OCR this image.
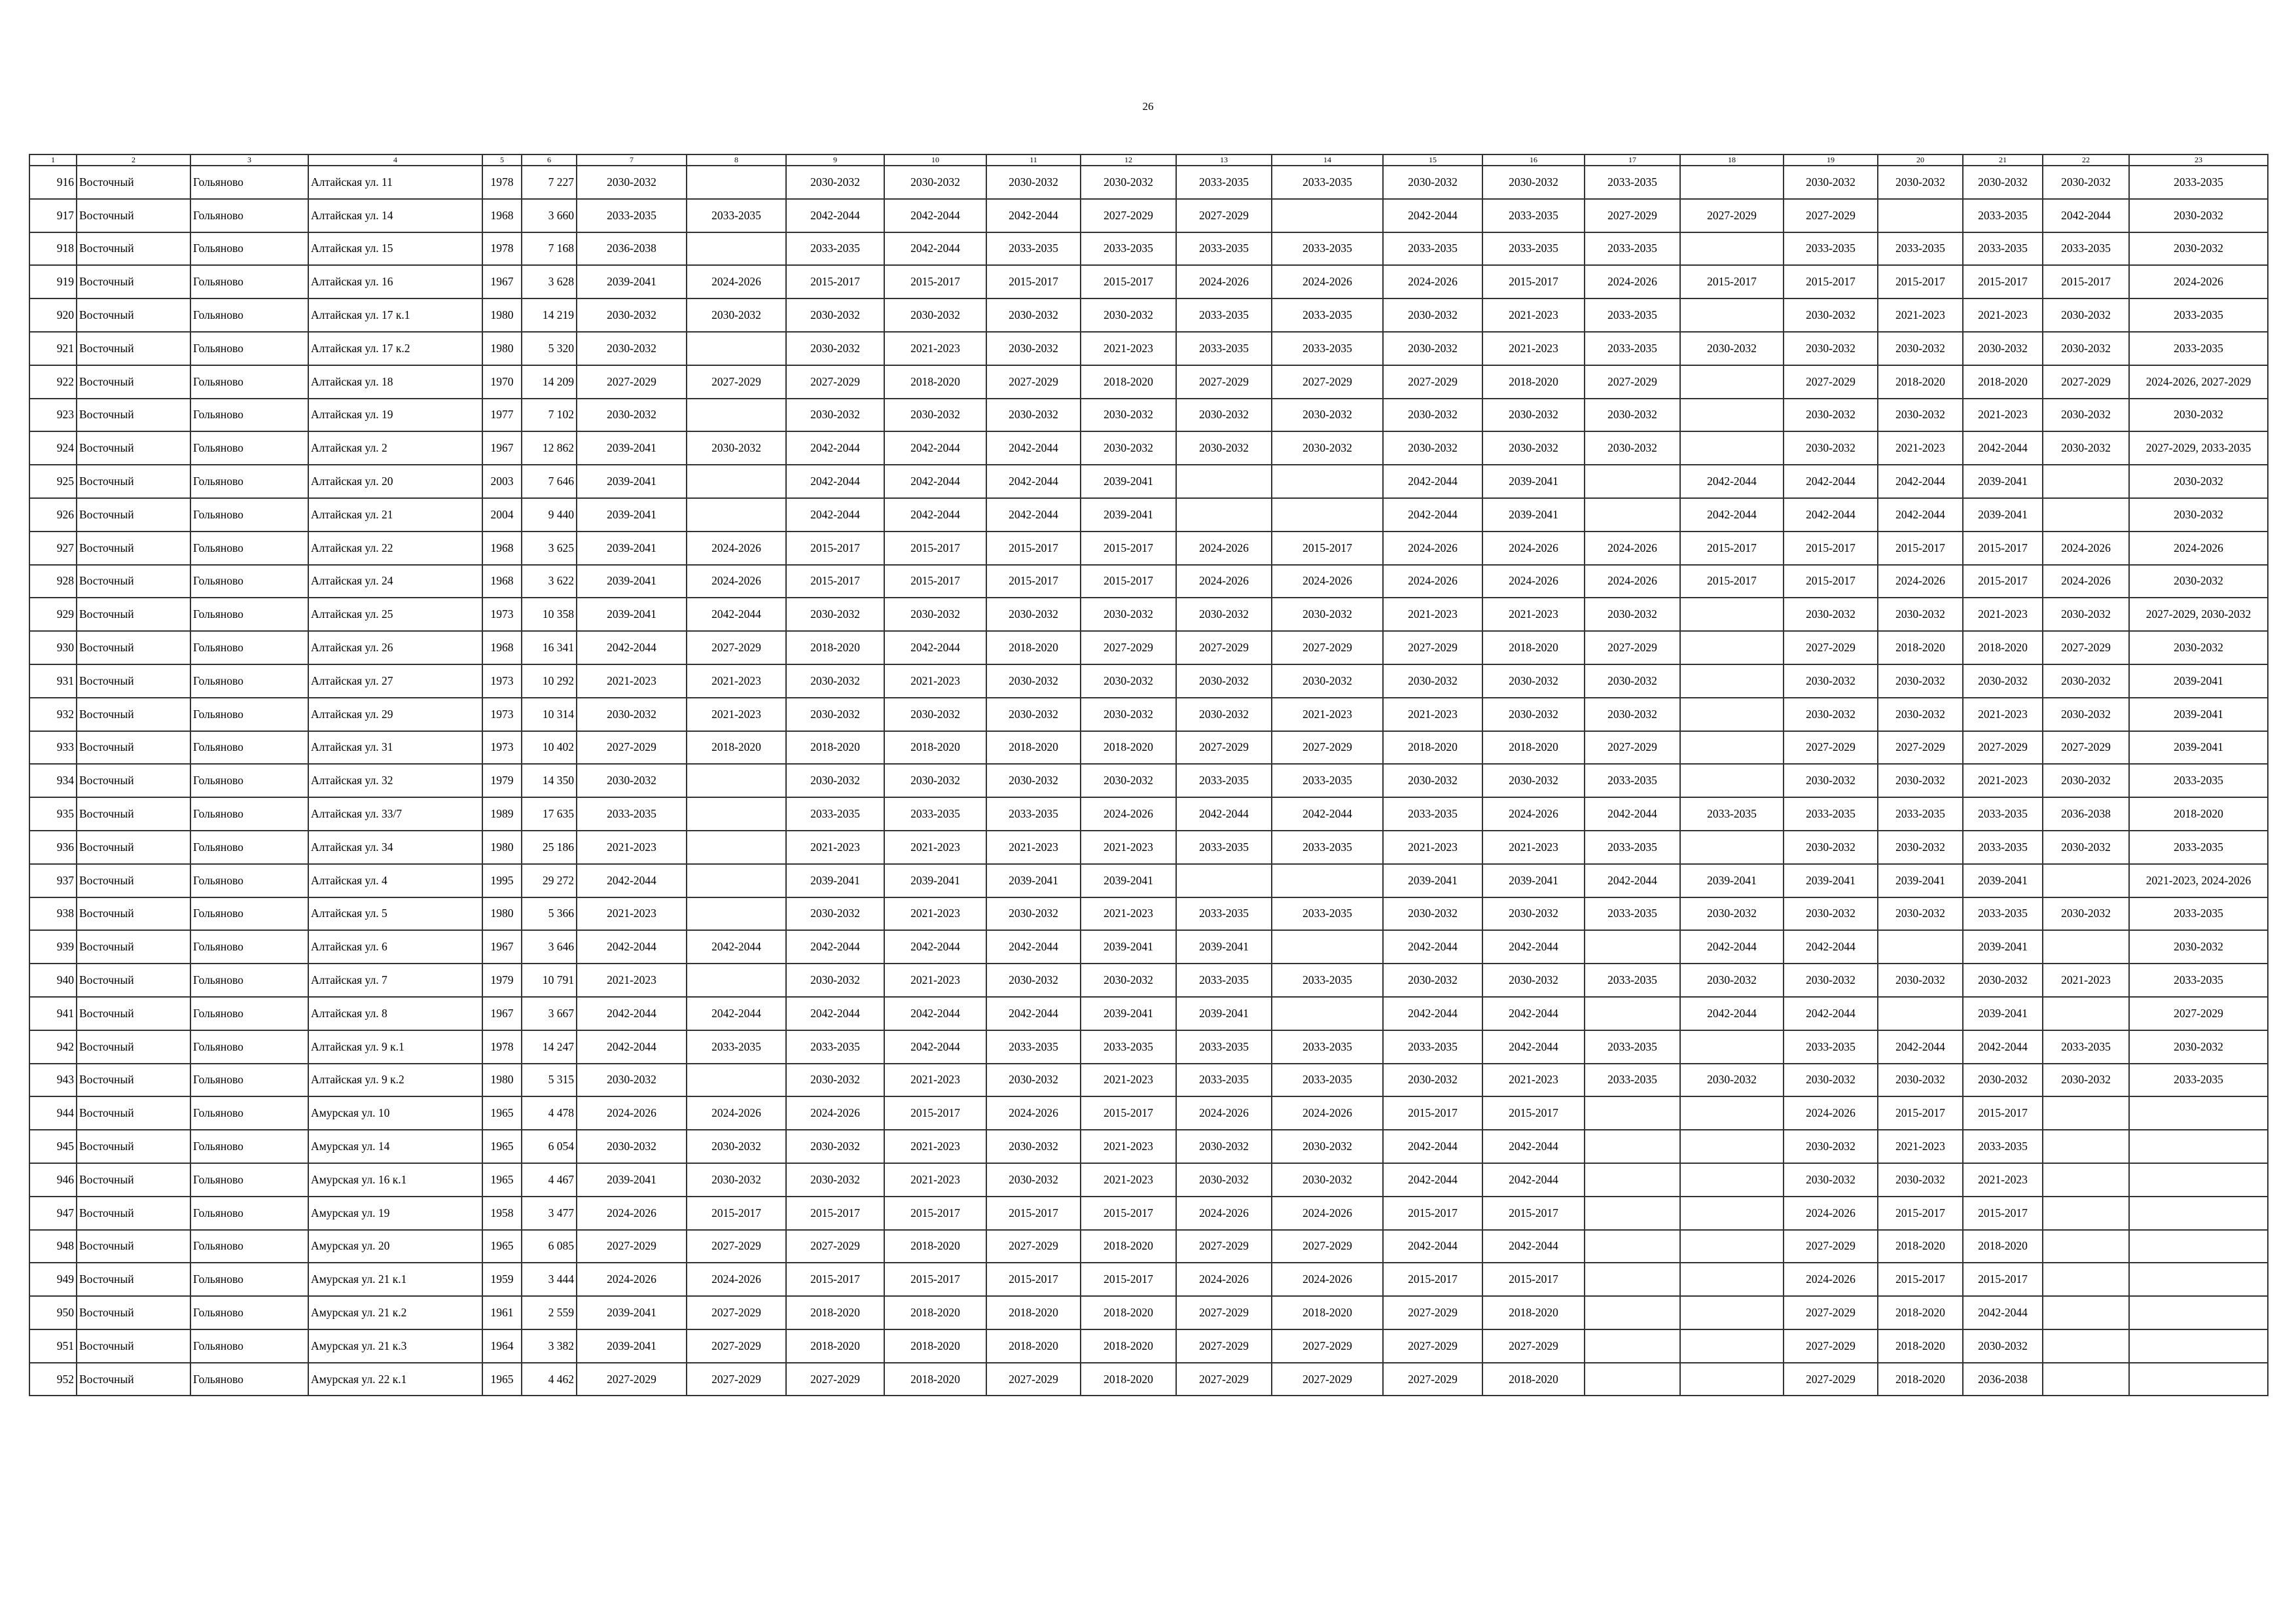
26
1	2	3	4	5	6	7	8	9	10	11	12	13	14	15	16	17	18	19	20	21	22	23
916	Восточный	Гольяново	Алтайская ул. 11	1978	7 227	2030-2032		2030-2032	2030-2032	2030-2032	2030-2032	2033-2035	2033-2035	2030-2032	2030-2032	2033-2035		2030-2032	2030-2032	2030-2032	2030-2032	2033-2035
917	Восточный	Гольяново	Алтайская ул. 14	1968	3 660	2033-2035	2033-2035	2042-2044	2042-2044	2042-2044	2027-2029	2027-2029		2042-2044	2033-2035	2027-2029	2027-2029	2027-2029		2033-2035	2042-2044	2030-2032
918	Восточный	Гольяново	Алтайская ул. 15	1978	7 168	2036-2038		2033-2035	2042-2044	2033-2035	2033-2035	2033-2035	2033-2035	2033-2035	2033-2035	2033-2035		2033-2035	2033-2035	2033-2035	2033-2035	2030-2032
919	Восточный	Гольяново	Алтайская ул. 16	1967	3 628	2039-2041	2024-2026	2015-2017	2015-2017	2015-2017	2015-2017	2024-2026	2024-2026	2024-2026	2015-2017	2024-2026	2015-2017	2015-2017	2015-2017	2015-2017	2015-2017	2024-2026
920	Восточный	Гольяново	Алтайская ул. 17 к.1	1980	14 219	2030-2032	2030-2032	2030-2032	2030-2032	2030-2032	2030-2032	2033-2035	2033-2035	2030-2032	2021-2023	2033-2035		2030-2032	2021-2023	2021-2023	2030-2032	2033-2035
921	Восточный	Гольяново	Алтайская ул. 17 к.2	1980	5 320	2030-2032		2030-2032	2021-2023	2030-2032	2021-2023	2033-2035	2033-2035	2030-2032	2021-2023	2033-2035	2030-2032	2030-2032	2030-2032	2030-2032	2030-2032	2033-2035
922	Восточный	Гольяново	Алтайская ул. 18	1970	14 209	2027-2029	2027-2029	2027-2029	2018-2020	2027-2029	2018-2020	2027-2029	2027-2029	2027-2029	2018-2020	2027-2029		2027-2029	2018-2020	2018-2020	2027-2029	2024-2026, 2027-2029
923	Восточный	Гольяново	Алтайская ул. 19	1977	7 102	2030-2032		2030-2032	2030-2032	2030-2032	2030-2032	2030-2032	2030-2032	2030-2032	2030-2032	2030-2032		2030-2032	2030-2032	2021-2023	2030-2032	2030-2032
924	Восточный	Гольяново	Алтайская ул. 2	1967	12 862	2039-2041	2030-2032	2042-2044	2042-2044	2042-2044	2030-2032	2030-2032	2030-2032	2030-2032	2030-2032	2030-2032		2030-2032	2021-2023	2042-2044	2030-2032	2027-2029, 2033-2035
925	Восточный	Гольяново	Алтайская ул. 20	2003	7 646	2039-2041		2042-2044	2042-2044	2042-2044	2039-2041			2042-2044	2039-2041		2042-2044	2042-2044	2042-2044	2039-2041		2030-2032
926	Восточный	Гольяново	Алтайская ул. 21	2004	9 440	2039-2041		2042-2044	2042-2044	2042-2044	2039-2041			2042-2044	2039-2041		2042-2044	2042-2044	2042-2044	2039-2041		2030-2032
927	Восточный	Гольяново	Алтайская ул. 22	1968	3 625	2039-2041	2024-2026	2015-2017	2015-2017	2015-2017	2015-2017	2024-2026	2015-2017	2024-2026	2024-2026	2024-2026	2015-2017	2015-2017	2015-2017	2015-2017	2024-2026	2024-2026
928	Восточный	Гольяново	Алтайская ул. 24	1968	3 622	2039-2041	2024-2026	2015-2017	2015-2017	2015-2017	2015-2017	2024-2026	2024-2026	2024-2026	2024-2026	2024-2026	2015-2017	2015-2017	2024-2026	2015-2017	2024-2026	2030-2032
929	Восточный	Гольяново	Алтайская ул. 25	1973	10 358	2039-2041	2042-2044	2030-2032	2030-2032	2030-2032	2030-2032	2030-2032	2030-2032	2021-2023	2021-2023	2030-2032		2030-2032	2030-2032	2021-2023	2030-2032	2027-2029, 2030-2032
930	Восточный	Гольяново	Алтайская ул. 26	1968	16 341	2042-2044	2027-2029	2018-2020	2042-2044	2018-2020	2027-2029	2027-2029	2027-2029	2027-2029	2018-2020	2027-2029		2027-2029	2018-2020	2018-2020	2027-2029	2030-2032
931	Восточный	Гольяново	Алтайская ул. 27	1973	10 292	2021-2023	2021-2023	2030-2032	2021-2023	2030-2032	2030-2032	2030-2032	2030-2032	2030-2032	2030-2032	2030-2032		2030-2032	2030-2032	2030-2032	2030-2032	2039-2041
932	Восточный	Гольяново	Алтайская ул. 29	1973	10 314	2030-2032	2021-2023	2030-2032	2030-2032	2030-2032	2030-2032	2030-2032	2021-2023	2021-2023	2030-2032	2030-2032		2030-2032	2030-2032	2021-2023	2030-2032	2039-2041
933	Восточный	Гольяново	Алтайская ул. 31	1973	10 402	2027-2029	2018-2020	2018-2020	2018-2020	2018-2020	2018-2020	2027-2029	2027-2029	2018-2020	2018-2020	2027-2029		2027-2029	2027-2029	2027-2029	2027-2029	2039-2041
934	Восточный	Гольяново	Алтайская ул. 32	1979	14 350	2030-2032		2030-2032	2030-2032	2030-2032	2030-2032	2033-2035	2033-2035	2030-2032	2030-2032	2033-2035		2030-2032	2030-2032	2021-2023	2030-2032	2033-2035
935	Восточный	Гольяново	Алтайская ул. 33/7	1989	17 635	2033-2035		2033-2035	2033-2035	2033-2035	2024-2026	2042-2044	2042-2044	2033-2035	2024-2026	2042-2044	2033-2035	2033-2035	2033-2035	2033-2035	2036-2038	2018-2020
936	Восточный	Гольяново	Алтайская ул. 34	1980	25 186	2021-2023		2021-2023	2021-2023	2021-2023	2021-2023	2033-2035	2033-2035	2021-2023	2021-2023	2033-2035		2030-2032	2030-2032	2033-2035	2030-2032	2033-2035
937	Восточный	Гольяново	Алтайская ул. 4	1995	29 272	2042-2044		2039-2041	2039-2041	2039-2041	2039-2041			2039-2041	2039-2041	2042-2044	2039-2041	2039-2041	2039-2041	2039-2041		2021-2023, 2024-2026
938	Восточный	Гольяново	Алтайская ул. 5	1980	5 366	2021-2023		2030-2032	2021-2023	2030-2032	2021-2023	2033-2035	2033-2035	2030-2032	2030-2032	2033-2035	2030-2032	2030-2032	2030-2032	2033-2035	2030-2032	2033-2035
939	Восточный	Гольяново	Алтайская ул. 6	1967	3 646	2042-2044	2042-2044	2042-2044	2042-2044	2042-2044	2039-2041	2039-2041		2042-2044	2042-2044		2042-2044	2042-2044		2039-2041		2030-2032
940	Восточный	Гольяново	Алтайская ул. 7	1979	10 791	2021-2023		2030-2032	2021-2023	2030-2032	2030-2032	2033-2035	2033-2035	2030-2032	2030-2032	2033-2035	2030-2032	2030-2032	2030-2032	2030-2032	2021-2023	2033-2035
941	Восточный	Гольяново	Алтайская ул. 8	1967	3 667	2042-2044	2042-2044	2042-2044	2042-2044	2042-2044	2039-2041	2039-2041		2042-2044	2042-2044		2042-2044	2042-2044		2039-2041		2027-2029
942	Восточный	Гольяново	Алтайская ул. 9 к.1	1978	14 247	2042-2044	2033-2035	2033-2035	2042-2044	2033-2035	2033-2035	2033-2035	2033-2035	2033-2035	2042-2044	2033-2035		2033-2035	2042-2044	2042-2044	2033-2035	2030-2032
943	Восточный	Гольяново	Алтайская ул. 9 к.2	1980	5 315	2030-2032		2030-2032	2021-2023	2030-2032	2021-2023	2033-2035	2033-2035	2030-2032	2021-2023	2033-2035	2030-2032	2030-2032	2030-2032	2030-2032	2030-2032	2033-2035
944	Восточный	Гольяново	Амурская ул. 10	1965	4 478	2024-2026	2024-2026	2024-2026	2015-2017	2024-2026	2015-2017	2024-2026	2024-2026	2015-2017	2015-2017			2024-2026	2015-2017	2015-2017		
945	Восточный	Гольяново	Амурская ул. 14	1965	6 054	2030-2032	2030-2032	2030-2032	2021-2023	2030-2032	2021-2023	2030-2032	2030-2032	2042-2044	2042-2044			2030-2032	2021-2023	2033-2035		
946	Восточный	Гольяново	Амурская ул. 16 к.1	1965	4 467	2039-2041	2030-2032	2030-2032	2021-2023	2030-2032	2021-2023	2030-2032	2030-2032	2042-2044	2042-2044			2030-2032	2030-2032	2021-2023		
947	Восточный	Гольяново	Амурская ул. 19	1958	3 477	2024-2026	2015-2017	2015-2017	2015-2017	2015-2017	2015-2017	2024-2026	2024-2026	2015-2017	2015-2017			2024-2026	2015-2017	2015-2017		
948	Восточный	Гольяново	Амурская ул. 20	1965	6 085	2027-2029	2027-2029	2027-2029	2018-2020	2027-2029	2018-2020	2027-2029	2027-2029	2042-2044	2042-2044			2027-2029	2018-2020	2018-2020		
949	Восточный	Гольяново	Амурская ул. 21 к.1	1959	3 444	2024-2026	2024-2026	2015-2017	2015-2017	2015-2017	2015-2017	2024-2026	2024-2026	2015-2017	2015-2017			2024-2026	2015-2017	2015-2017		
950	Восточный	Гольяново	Амурская ул. 21 к.2	1961	2 559	2039-2041	2027-2029	2018-2020	2018-2020	2018-2020	2018-2020	2027-2029	2018-2020	2027-2029	2018-2020			2027-2029	2018-2020	2042-2044		
951	Восточный	Гольяново	Амурская ул. 21 к.3	1964	3 382	2039-2041	2027-2029	2018-2020	2018-2020	2018-2020	2018-2020	2027-2029	2027-2029	2027-2029	2027-2029			2027-2029	2018-2020	2030-2032		
952	Восточный	Гольяново	Амурская ул. 22 к.1	1965	4 462	2027-2029	2027-2029	2027-2029	2018-2020	2027-2029	2018-2020	2027-2029	2027-2029	2027-2029	2018-2020			2027-2029	2018-2020	2036-2038		
